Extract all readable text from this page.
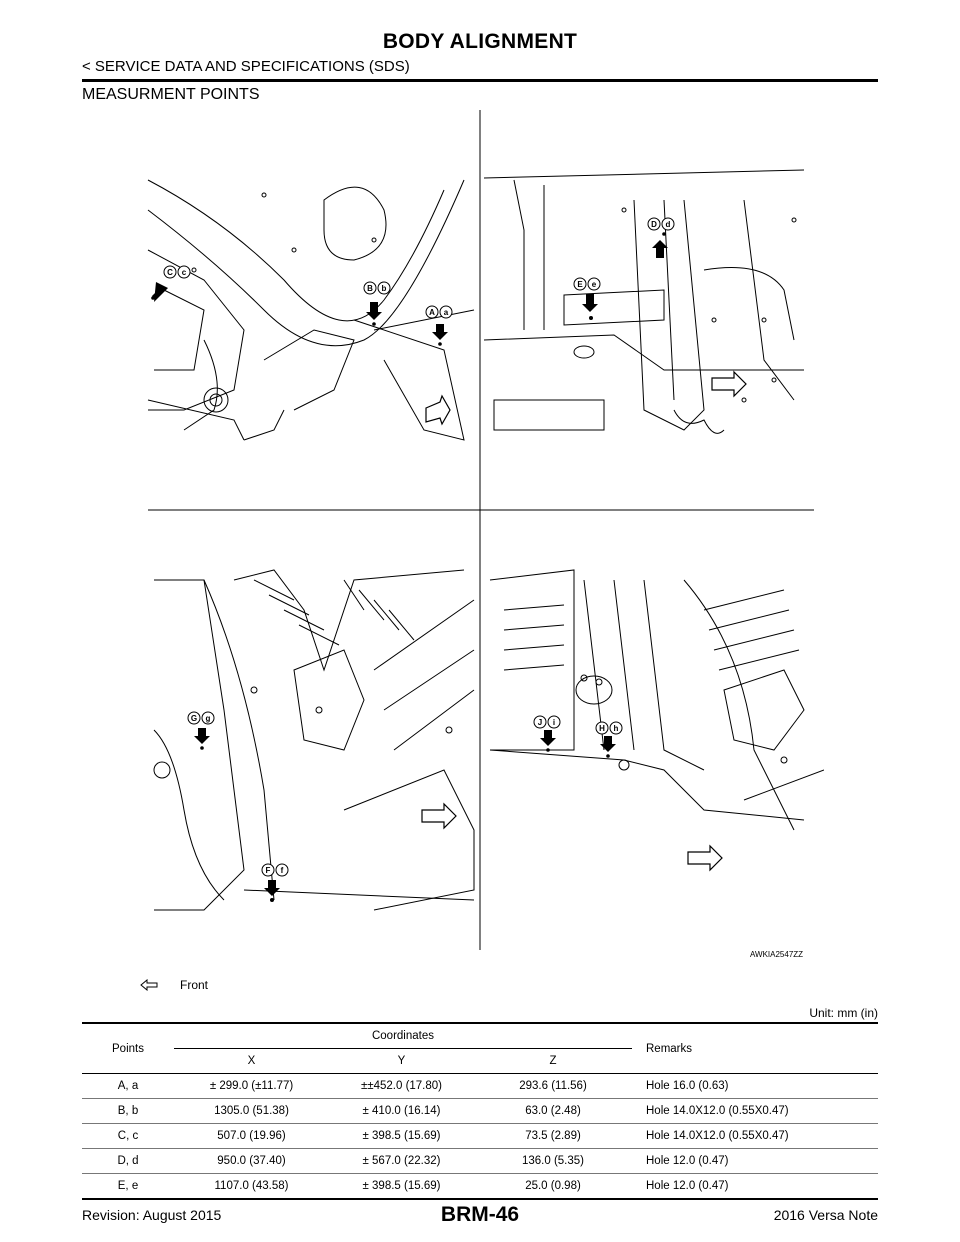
BODY ALIGNMENT
< SERVICE DATA AND SPECIFICATIONS (SDS)
MEASURMENT POINTS
C c
B b
A a
E e
D d
G g
F f
J i
H h
AWKIA2547ZZ
Front
Unit: mm (in)
Points	Coordinates			Remarks
	X	Y	Z	
A, a	± 299.0 (±11.77)	±±452.0 (17.80)	293.6 (11.56)	Hole 16.0 (0.63)
B, b	1305.0 (51.38)	± 410.0 (16.14)	63.0 (2.48)	Hole 14.0X12.0 (0.55X0.47)
C, c	507.0 (19.96)	± 398.5 (15.69)	73.5 (2.89)	Hole 14.0X12.0 (0.55X0.47)
D, d	950.0 (37.40)	± 567.0 (22.32)	136.0 (5.35)	Hole 12.0 (0.47)
E, e	1107.0 (43.58)	± 398.5 (15.69)	25.0 (0.98)	Hole 12.0 (0.47)
Revision: August 2015	BRM-46	2016 Versa Note
